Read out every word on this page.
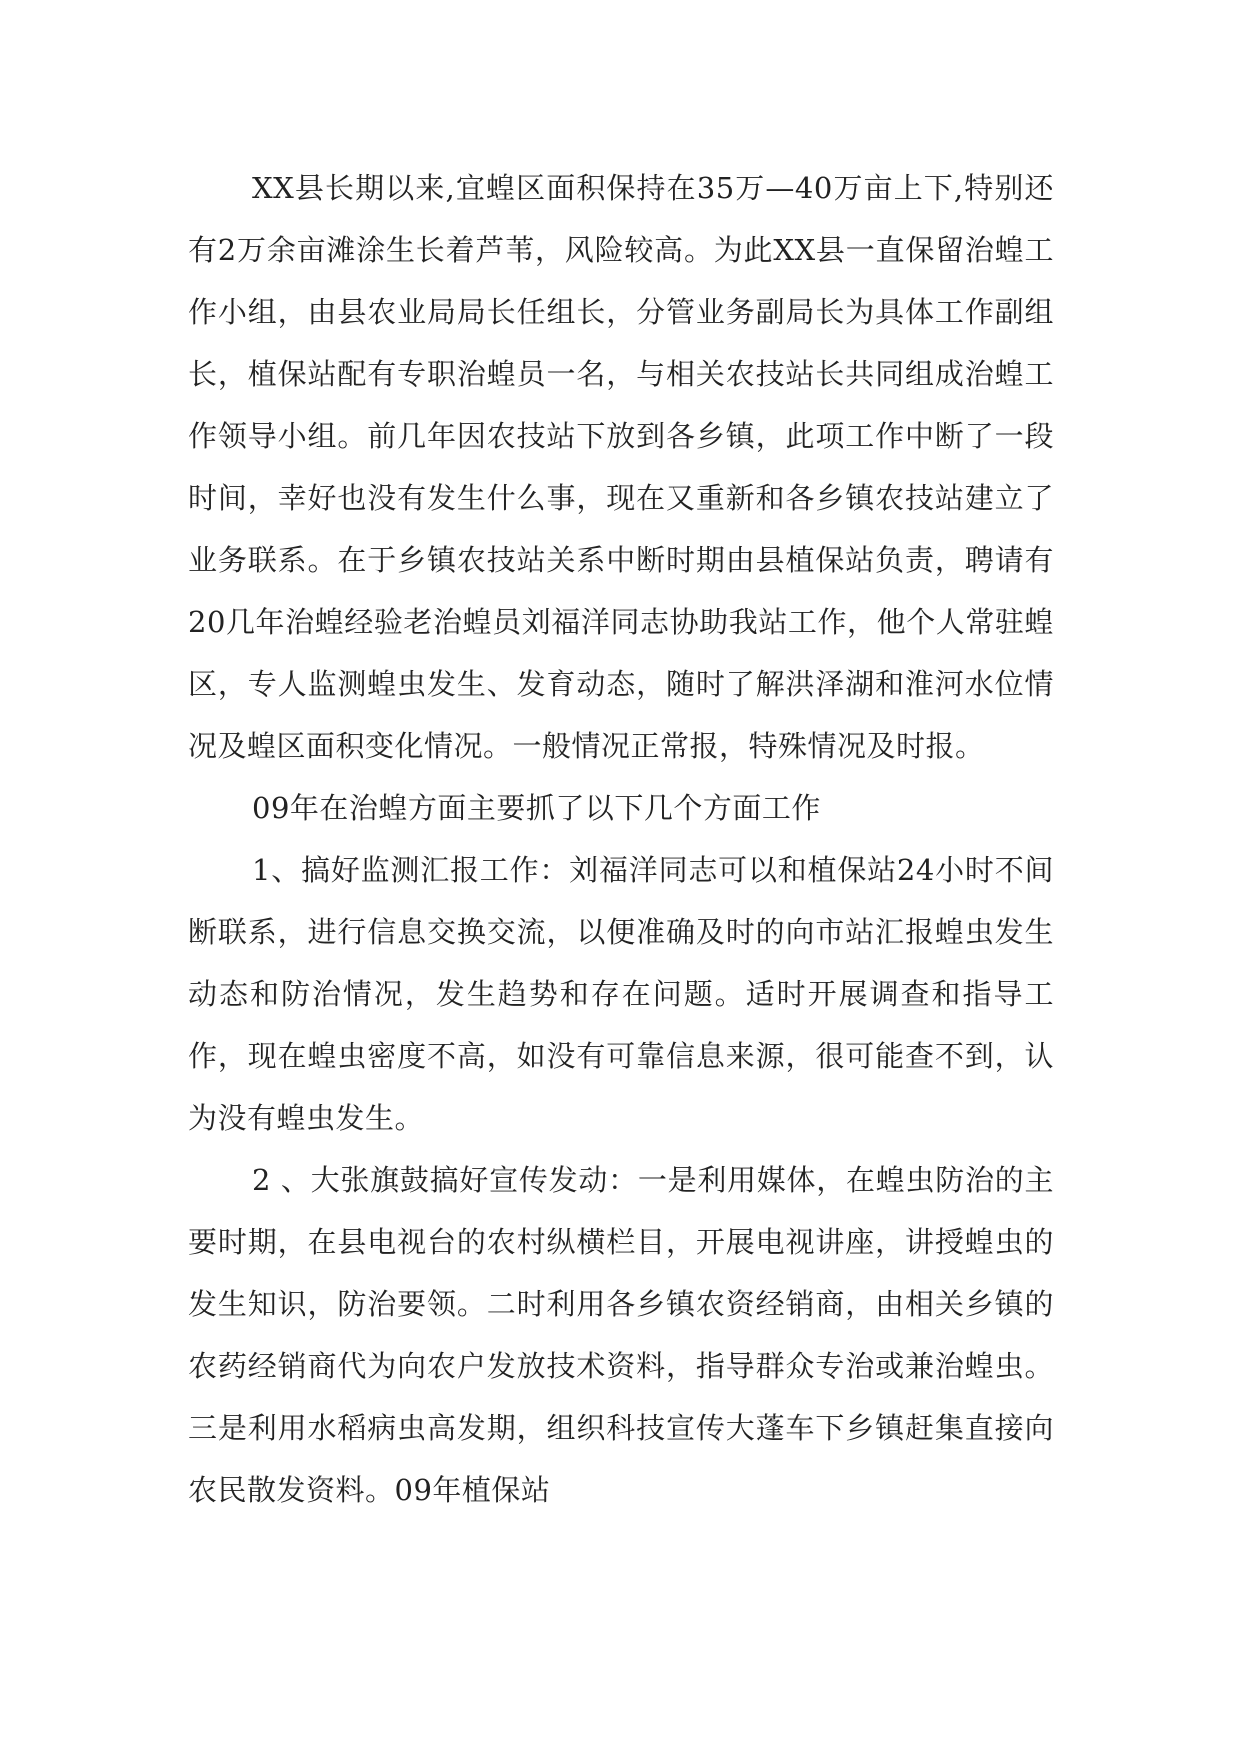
XX县长期以来,宜蝗区面积保持在35万—40万亩上下,特别还有2万余亩滩涂生长着芦苇，风险较高。为此XX县一直保留治蝗工作小组，由县农业局局长任组长，分管业务副局长为具体工作副组长，植保站配有专职治蝗员一名，与相关农技站长共同组成治蝗工作领导小组。前几年因农技站下放到各乡镇，此项工作中断了一段时间，幸好也没有发生什么事，现在又重新和各乡镇农技站建立了业务联系。在于乡镇农技站关系中断时期由县植保站负责，聘请有20几年治蝗经验老治蝗员刘福洋同志协助我站工作，他个人常驻蝗区，专人监测蝗虫发生、发育动态，随时了解洪泽湖和淮河水位情况及蝗区面积变化情况。一般情况正常报，特殊情况及时报。

09年在治蝗方面主要抓了以下几个方面工作

1、搞好监测汇报工作：刘福洋同志可以和植保站24小时不间断联系，进行信息交换交流，以便准确及时的向市站汇报蝗虫发生动态和防治情况，发生趋势和存在问题。适时开展调查和指导工作，现在蝗虫密度不高，如没有可靠信息来源，很可能查不到，认为没有蝗虫发生。

2 、大张旗鼓搞好宣传发动：一是利用媒体，在蝗虫防治的主要时期，在县电视台的农村纵横栏目，开展电视讲座，讲授蝗虫的发生知识，防治要领。二时利用各乡镇农资经销商，由相关乡镇的农药经销商代为向农户发放技术资料，指导群众专治或兼治蝗虫。三是利用水稻病虫高发期，组织科技宣传大蓬车下乡镇赶集直接向农民散发资料。09年植保站
